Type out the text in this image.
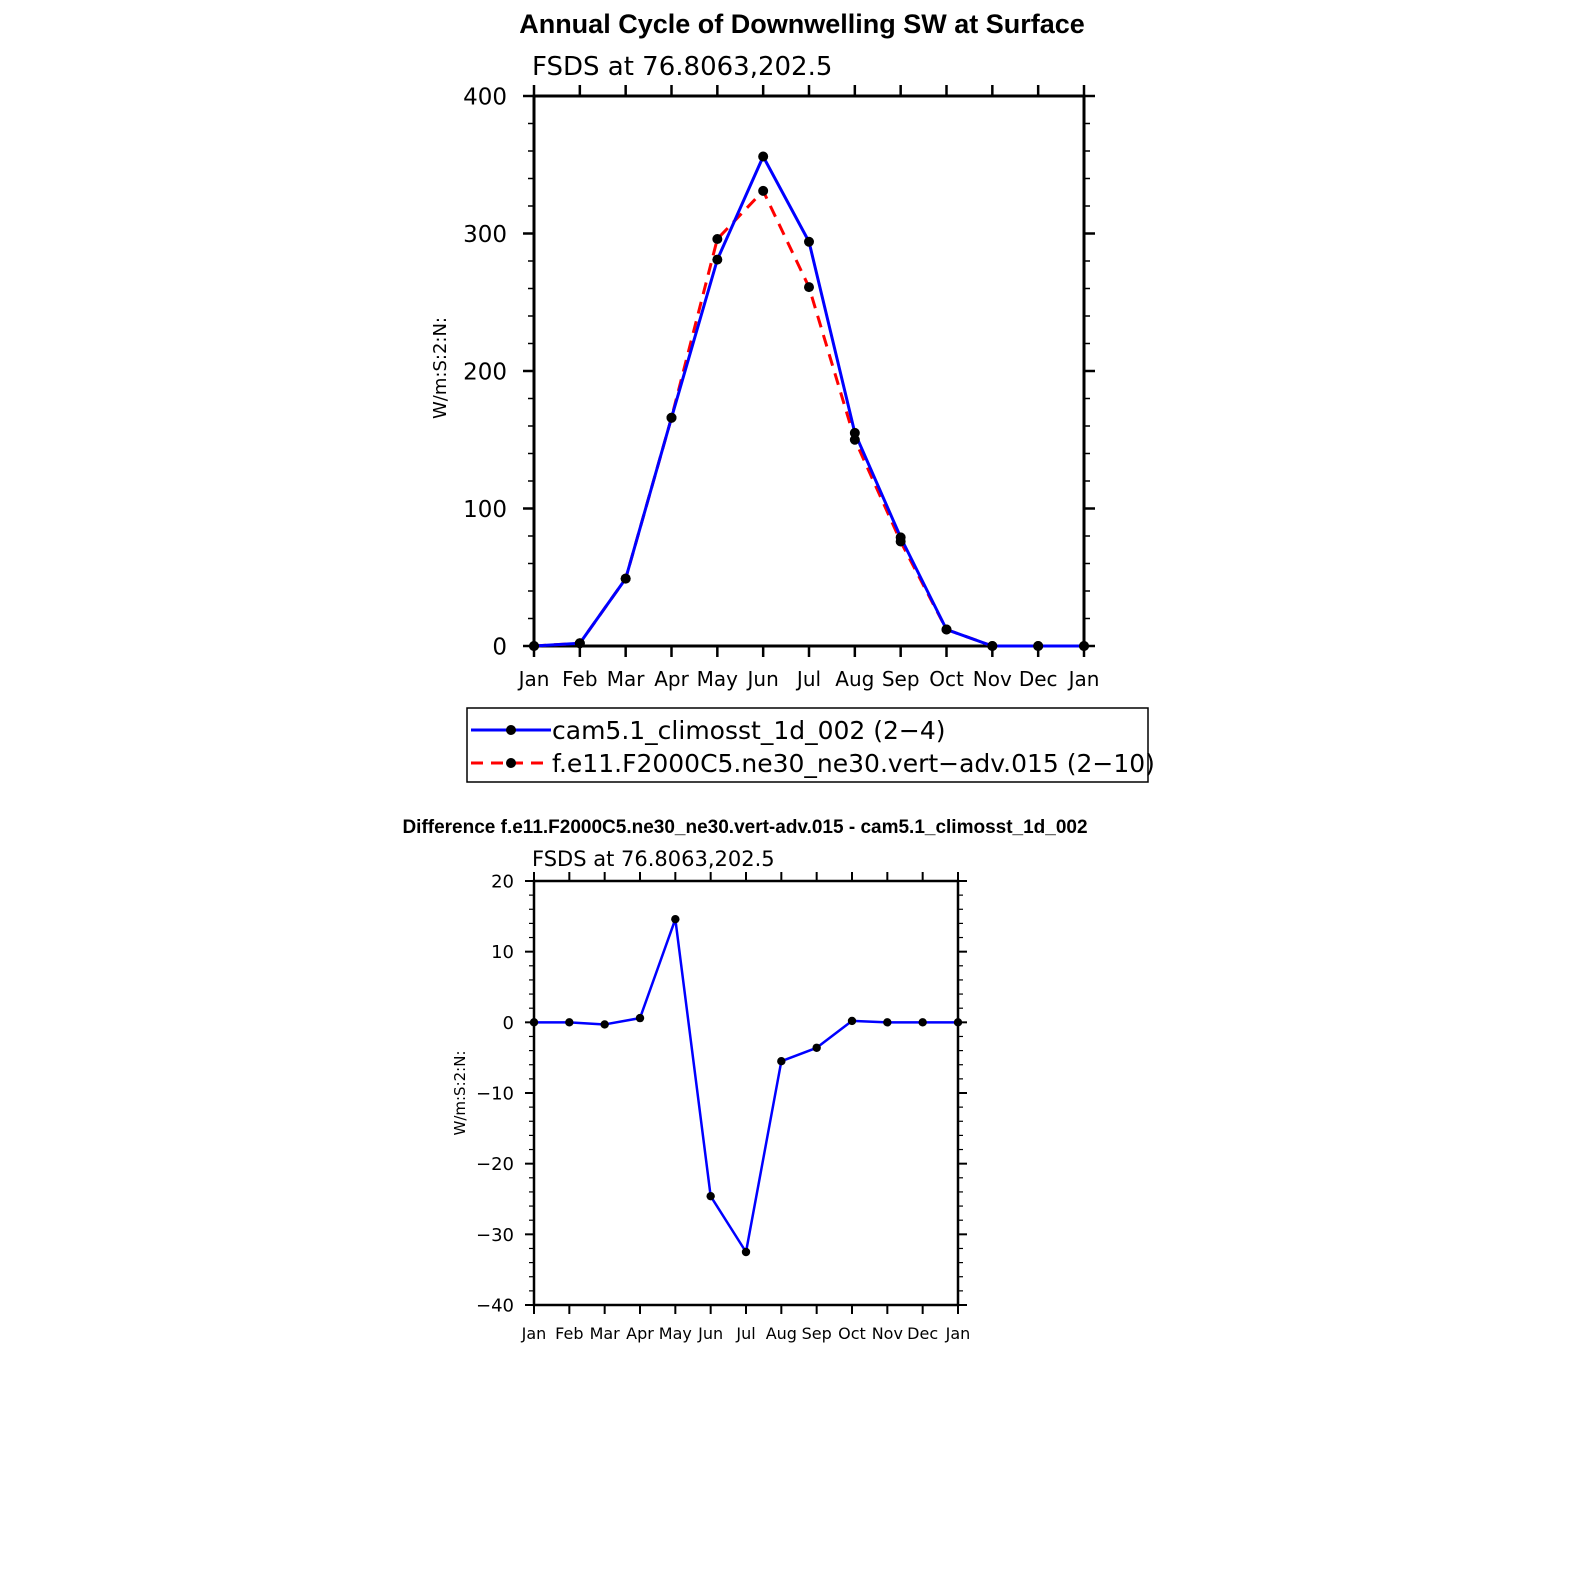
Annual Cycle of Downwelling SW at Surface
FSDS at 76.8063,202.5
Jan Feb Mar Apr May Jun Jul Aug Sep Oct Nov Dec Jan
0
100
200
300
400
W/m:S:2:N:
cam5.1_climosst_1d_002 (2−4)
f.e11.F2000C5.ne30_ne30.vert−adv.015 (2−10)
Difference f.e11.F2000C5.ne30_ne30.vert-adv.015 - cam5.1_climosst_1d_002
FSDS at 76.8063,202.5
Jan Feb Mar Apr May Jun Jul Aug Sep Oct Nov Dec Jan
−40
−30
−20
−10
0
10
20
W/m:S:2:N:
